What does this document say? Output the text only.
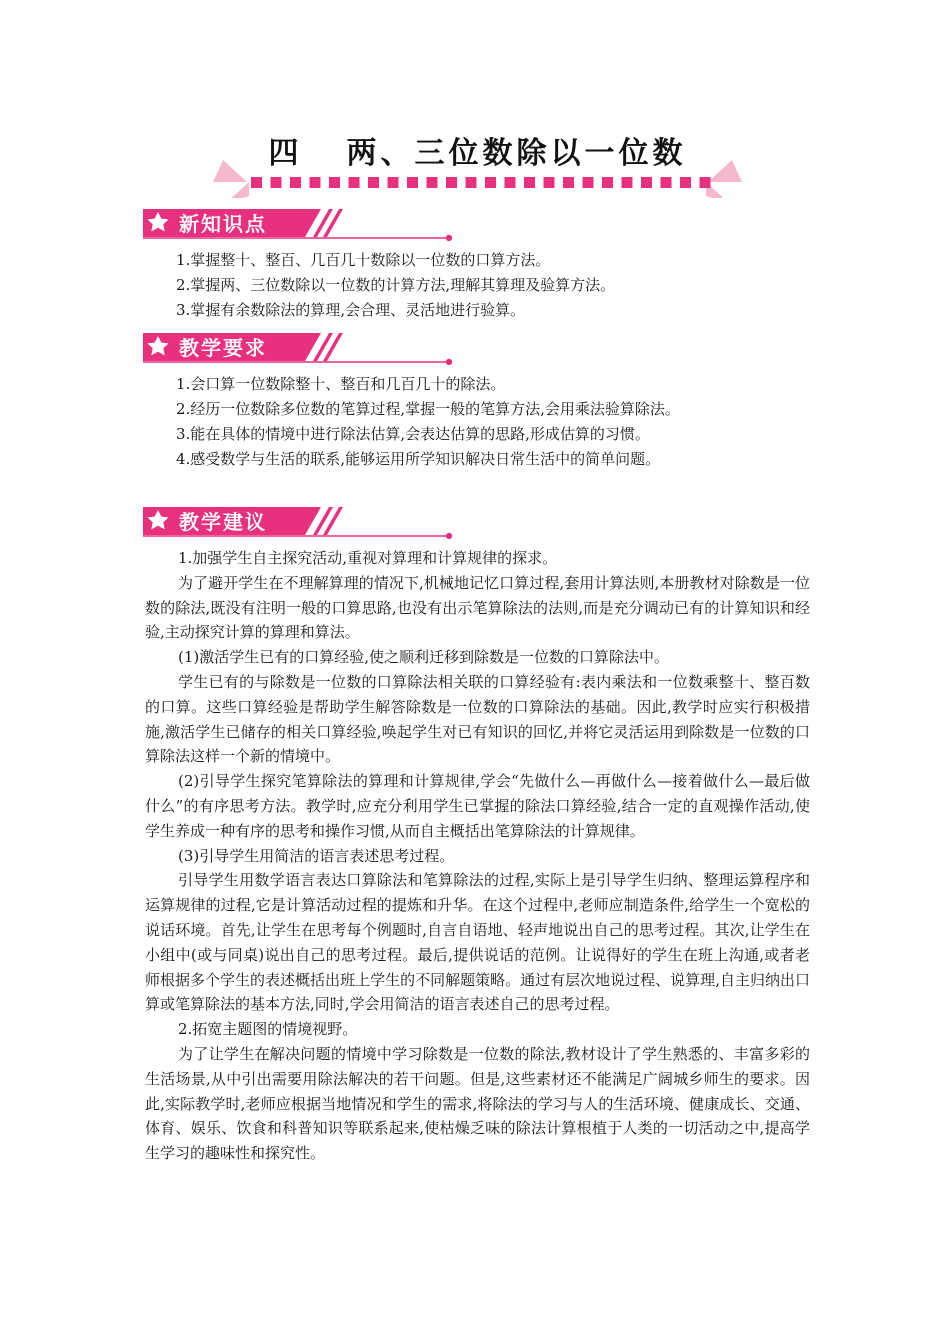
四 两、三位数除以一位数
新知识点
1.掌握整十、整百、几百几十数除以一位数的口算方法。
2.掌握两、三位数除以一位数的计算方法,理解其算理及验算方法。
3.掌握有余数除法的算理,会合理、灵活地进行验算。
教学要求
1.会口算一位数除整十、整百和几百几十的除法。
2.经历一位数除多位数的笔算过程,掌握一般的笔算方法,会用乘法验算除法。
3.能在具体的情境中进行除法估算,会表达估算的思路,形成估算的习惯。
4.感受数学与生活的联系,能够运用所学知识解决日常生活中的简单问题。
教学建议

1.加强学生自主探究活动,重视对算理和计算规律的探求。

为了避开学生在不理解算理的情况下,机械地记忆口算过程,套用计算法则,本册教材对除数是一位数的除法,既没有注明一般的口算思路,也没有出示笔算除法的法则,而是充分调动已有的计算知识和经验,主动探究计算的算理和算法。

(1)激活学生已有的口算经验,使之顺利迁移到除数是一位数的口算除法中。

学生已有的与除数是一位数的口算除法相关联的口算经验有:表内乘法和一位数乘整十、整百数的口算。这些口算经验是帮助学生解答除数是一位数的口算除法的基础。因此,教学时应实行积极措施,激活学生已储存的相关口算经验,唤起学生对已有知识的回忆,并将它灵活运用到除数是一位数的口算除法这样一个新的情境中。

(2)引导学生探究笔算除法的算理和计算规律,学会“先做什么—再做什么—接着做什么—最后做什么”的有序思考方法。教学时,应充分利用学生已掌握的除法口算经验,结合一定的直观操作活动,使学生养成一种有序的思考和操作习惯,从而自主概括出笔算除法的计算规律。

(3)引导学生用简洁的语言表述思考过程。

引导学生用数学语言表达口算除法和笔算除法的过程,实际上是引导学生归纳、整理运算程序和运算规律的过程,它是计算活动过程的提炼和升华。在这个过程中,老师应制造条件,给学生一个宽松的说话环境。首先,让学生在思考每个例题时,自言自语地、轻声地说出自己的思考过程。其次,让学生在小组中(或与同桌)说出自己的思考过程。最后,提供说话的范例。让说得好的学生在班上沟通,或者老师根据多个学生的表述概括出班上学生的不同解题策略。通过有层次地说过程、说算理,自主归纳出口算或笔算除法的基本方法,同时,学会用简洁的语言表述自己的思考过程。

2.拓宽主题图的情境视野。

为了让学生在解决问题的情境中学习除数是一位数的除法,教材设计了学生熟悉的、丰富多彩的生活场景,从中引出需要用除法解决的若干问题。但是,这些素材还不能满足广阔城乡师生的要求。因此,实际教学时,老师应根据当地情况和学生的需求,将除法的学习与人的生活环境、健康成长、交通、体育、娱乐、饮食和科普知识等联系起来,使枯燥乏味的除法计算根植于人类的一切活动之中,提高学生学习的趣味性和探究性。
